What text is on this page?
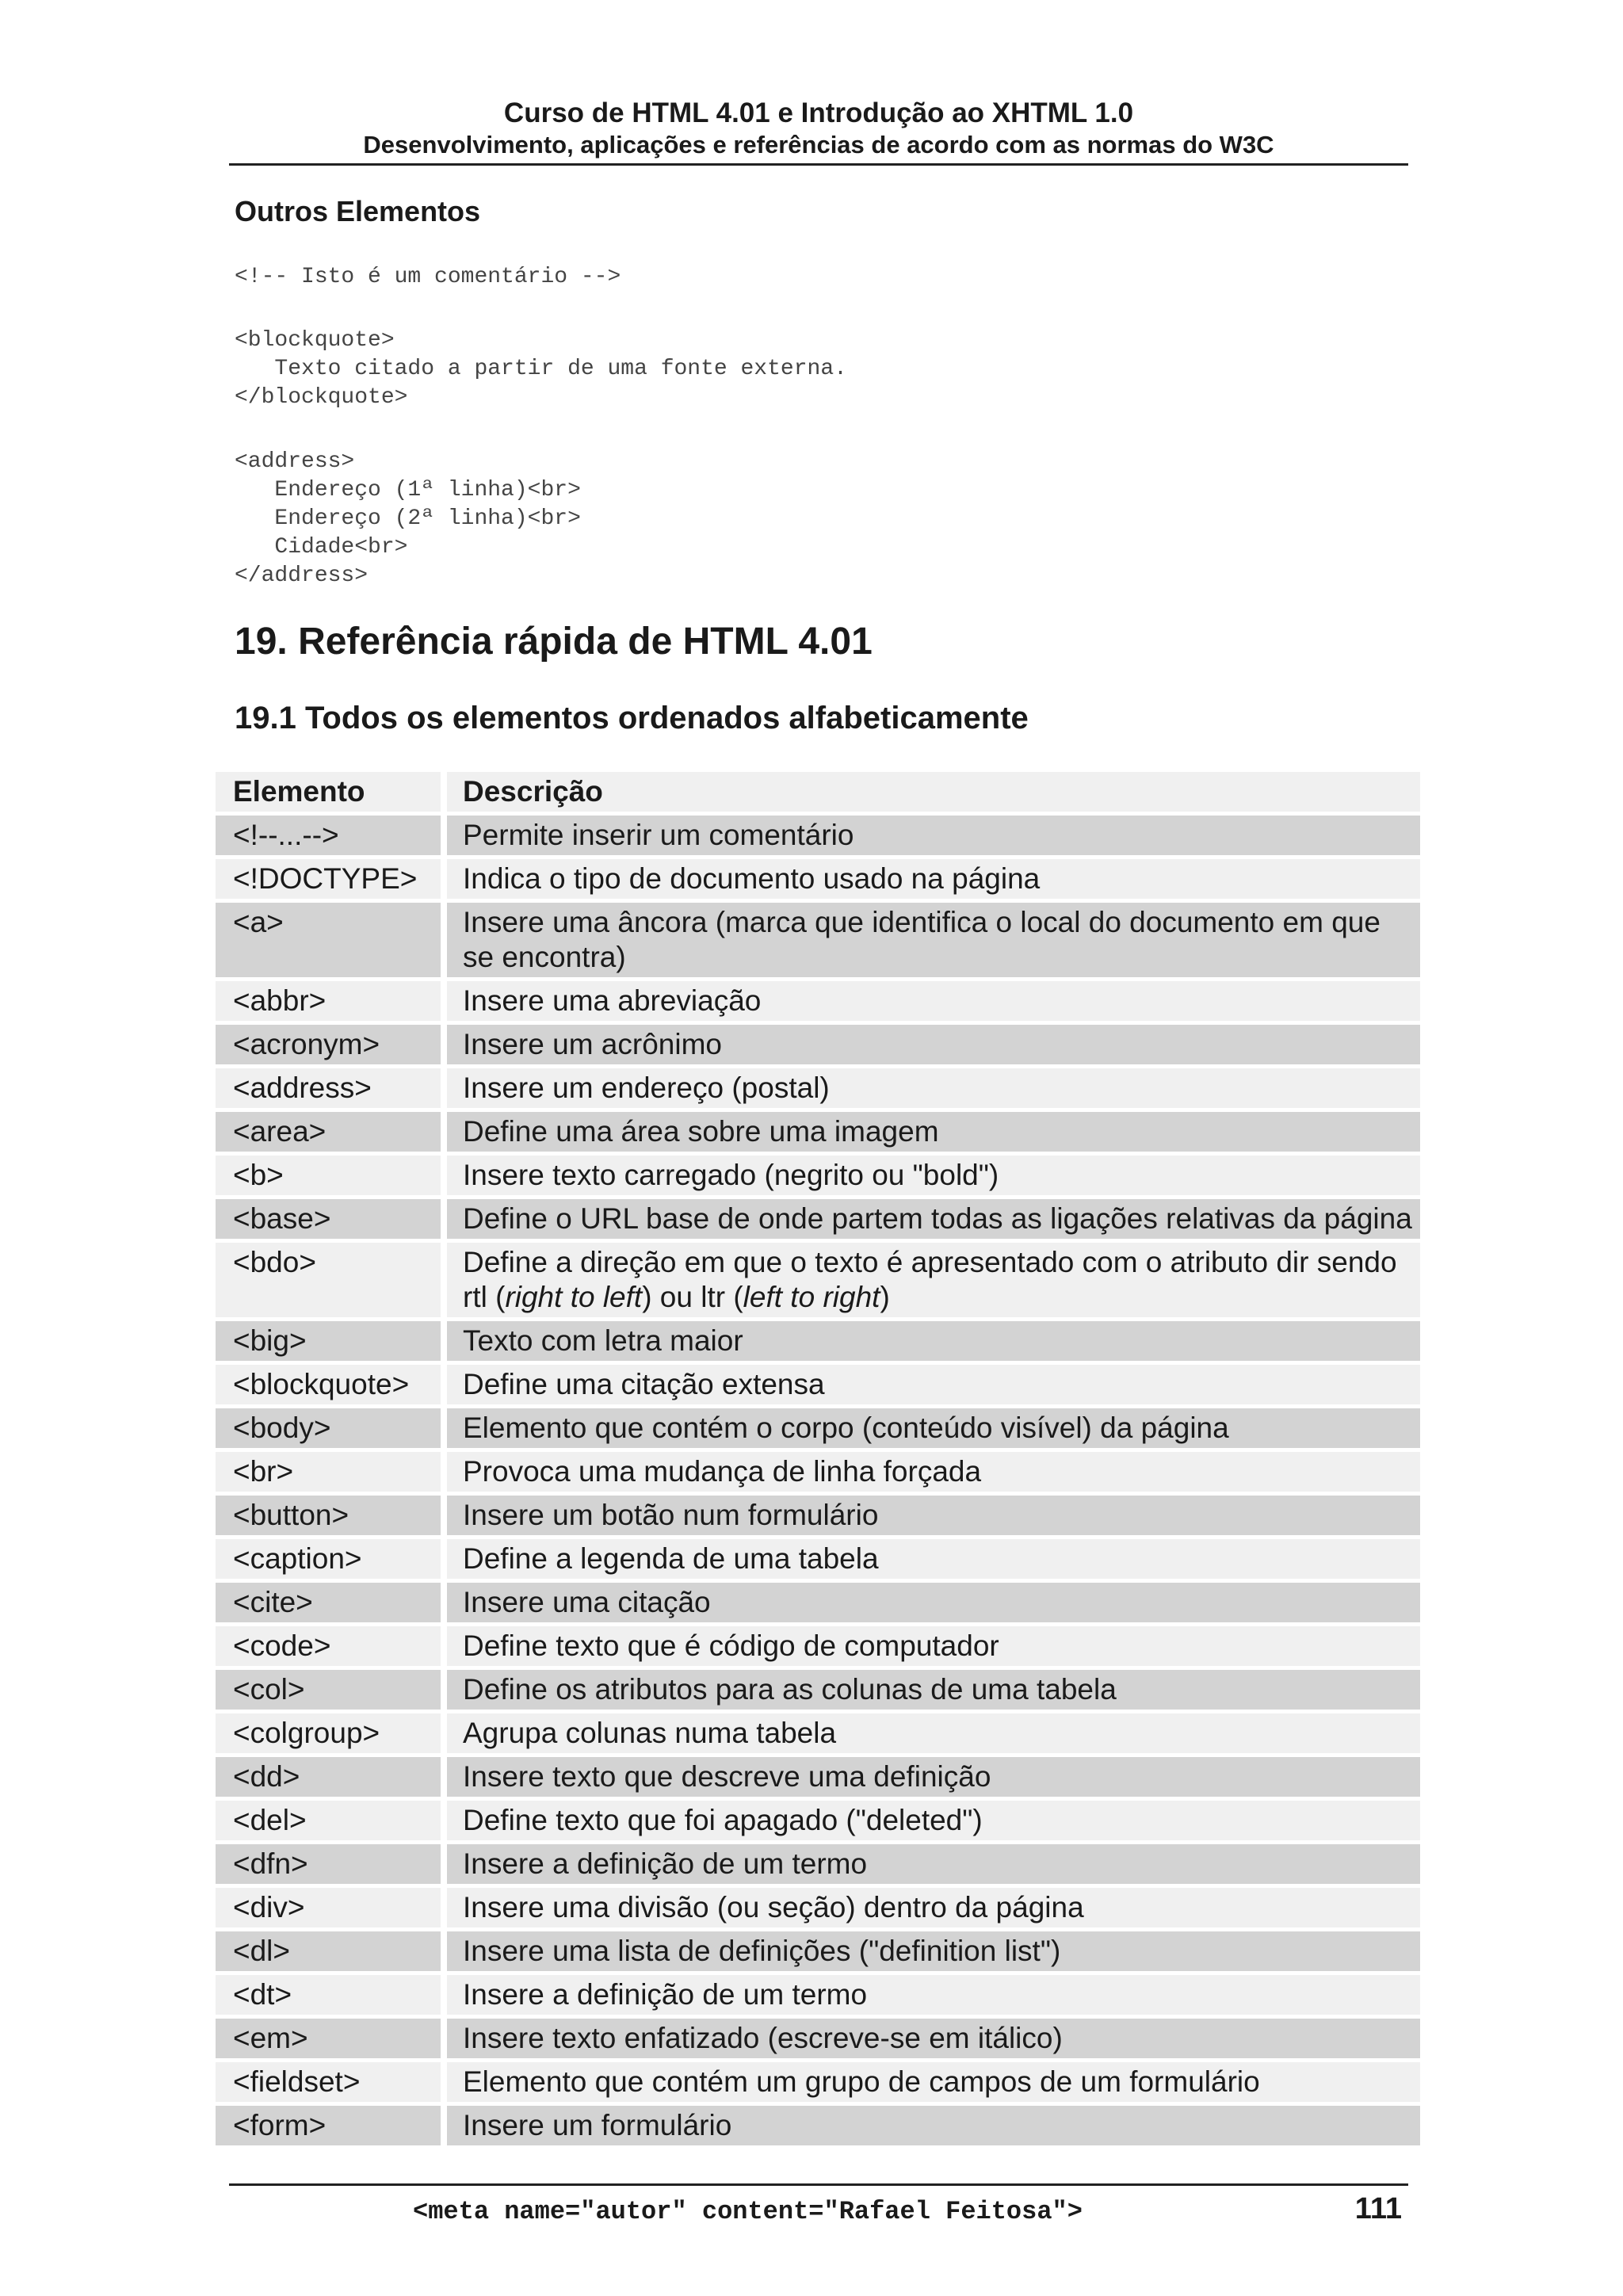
Curso de HTML 4.01 e Introdução ao XHTML 1.0
Desenvolvimento, aplicações e referências de acordo com as normas do W3C
Outros Elementos
<!-- Isto é um comentário -->
<blockquote>
Texto citado a partir de uma fonte externa.
</blockquote>
<address>
Endereço (1ª linha)<br>
Endereço (2ª linha)<br>
Cidade<br>
</address>
19. Referência rápida de HTML 4.01
19.1 Todos os elementos ordenados alfabeticamente
Elemento	Descrição
<!--...-->	Permite inserir um comentário
<!DOCTYPE>	Indica o tipo de documento usado na página
<a>	Insere uma âncora (marca que identifica o local do documento em que se encontra)
<abbr>	Insere uma abreviação
<acronym>	Insere um acrônimo
<address>	Insere um endereço (postal)
<area>	Define uma área sobre uma imagem
<b>	Insere texto carregado (negrito ou "bold")
<base>	Define o URL base de onde partem todas as ligações relativas da página
<bdo>	Define a direção em que o texto é apresentado com o atributo dir sendo rtl (right to left) ou ltr (left to right)
<big>	Texto com letra maior
<blockquote>	Define uma citação extensa
<body>	Elemento que contém o corpo (conteúdo visível) da página
<br>	Provoca uma mudança de linha forçada
<button>	Insere um botão num formulário
<caption>	Define a legenda de uma tabela
<cite>	Insere uma citação
<code>	Define texto que é código de computador
<col>	Define os atributos para as colunas de uma tabela
<colgroup>	Agrupa colunas numa tabela
<dd>	Insere texto que descreve uma definição
<del>	Define texto que foi apagado ("deleted")
<dfn>	Insere a definição de um termo
<div>	Insere uma divisão (ou seção) dentro da página
<dl>	Insere uma lista de definições ("definition list")
<dt>	Insere a definição de um termo
<em>	Insere texto enfatizado (escreve-se em itálico)
<fieldset>	Elemento que contém um grupo de campos de um formulário
<form>	Insere um formulário
<meta name="autor" content="Rafael Feitosa">	111
